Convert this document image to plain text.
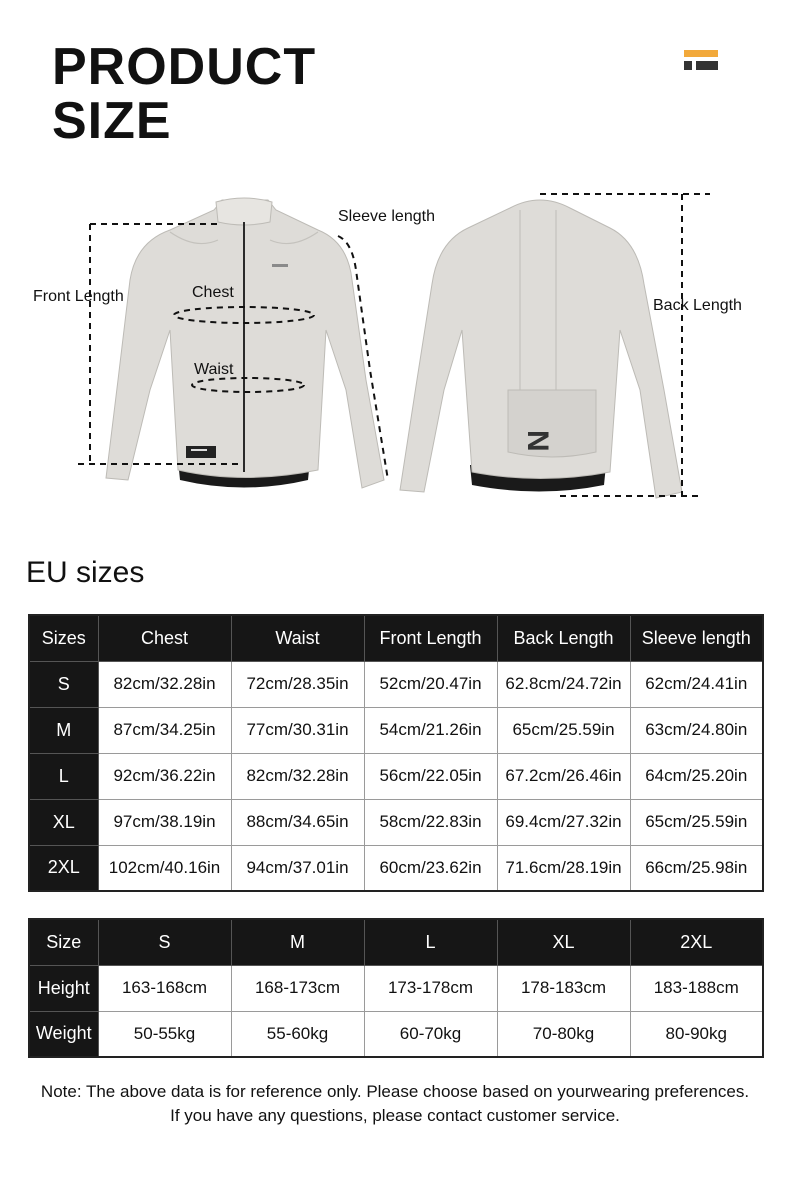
PRODUCT
SIZE
N
Sleeve length
Front Length	Chest
Waist
Back Length
EU sizes
Sizes	Chest	Waist	Front Length	Back Length	Sleeve length
S	82cm/32.28in	72cm/28.35in	52cm/20.47in	62.8cm/24.72in	62cm/24.41in
M	87cm/34.25in	77cm/30.31in	54cm/21.26in	65cm/25.59in	63cm/24.80in
L	92cm/36.22in	82cm/32.28in	56cm/22.05in	67.2cm/26.46in	64cm/25.20in
XL	97cm/38.19in	88cm/34.65in	58cm/22.83in	69.4cm/27.32in	65cm/25.59in
2XL	102cm/40.16in	94cm/37.01in	60cm/23.62in	71.6cm/28.19in	66cm/25.98in
Size	S	M	L	XL	2XL
Height	163-168cm	168-173cm	173-178cm	178-183cm	183-188cm
Weight	50-55kg	55-60kg	60-70kg	70-80kg	80-90kg
Note: The above data is for reference only. Please choose based on yourwearing preferences.
If you have any questions, please contact customer service.
